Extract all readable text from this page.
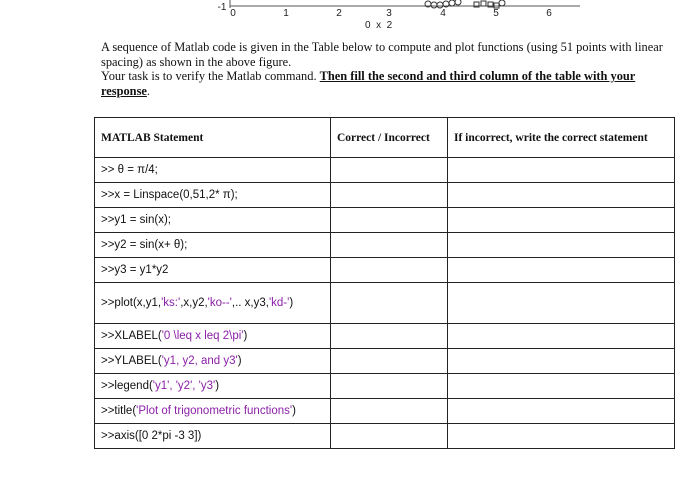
-1
0	1	2	3	4	5	6
0  x  2

A sequence of Matlab code is given in the Table below to compute and plot functions (using 51 points with linear spacing) as shown in the above figure.

Your task is to verify the Matlab command. Then fill the second and third column of the table with your response.

MATLAB Statement	Correct / Incorrect	If incorrect, write the correct statement
>> θ = π/4;		
>>x = Linspace(0,51,2* π);		
>>y1 = sin(x);		
>>y2 = sin(x+ θ);		
>>y3 = y1*y2		
>>plot(x,y1,'ks:',x,y2,'ko--',.. x,y3,'kd-')		
>>XLABEL('0 \leq x leq 2\pi')		
>>YLABEL('y1, y2, and y3')		
>>legend('y1', 'y2', 'y3')		
>>title('Plot of trigonometric functions')		
>>axis([0 2*pi -3 3])		
